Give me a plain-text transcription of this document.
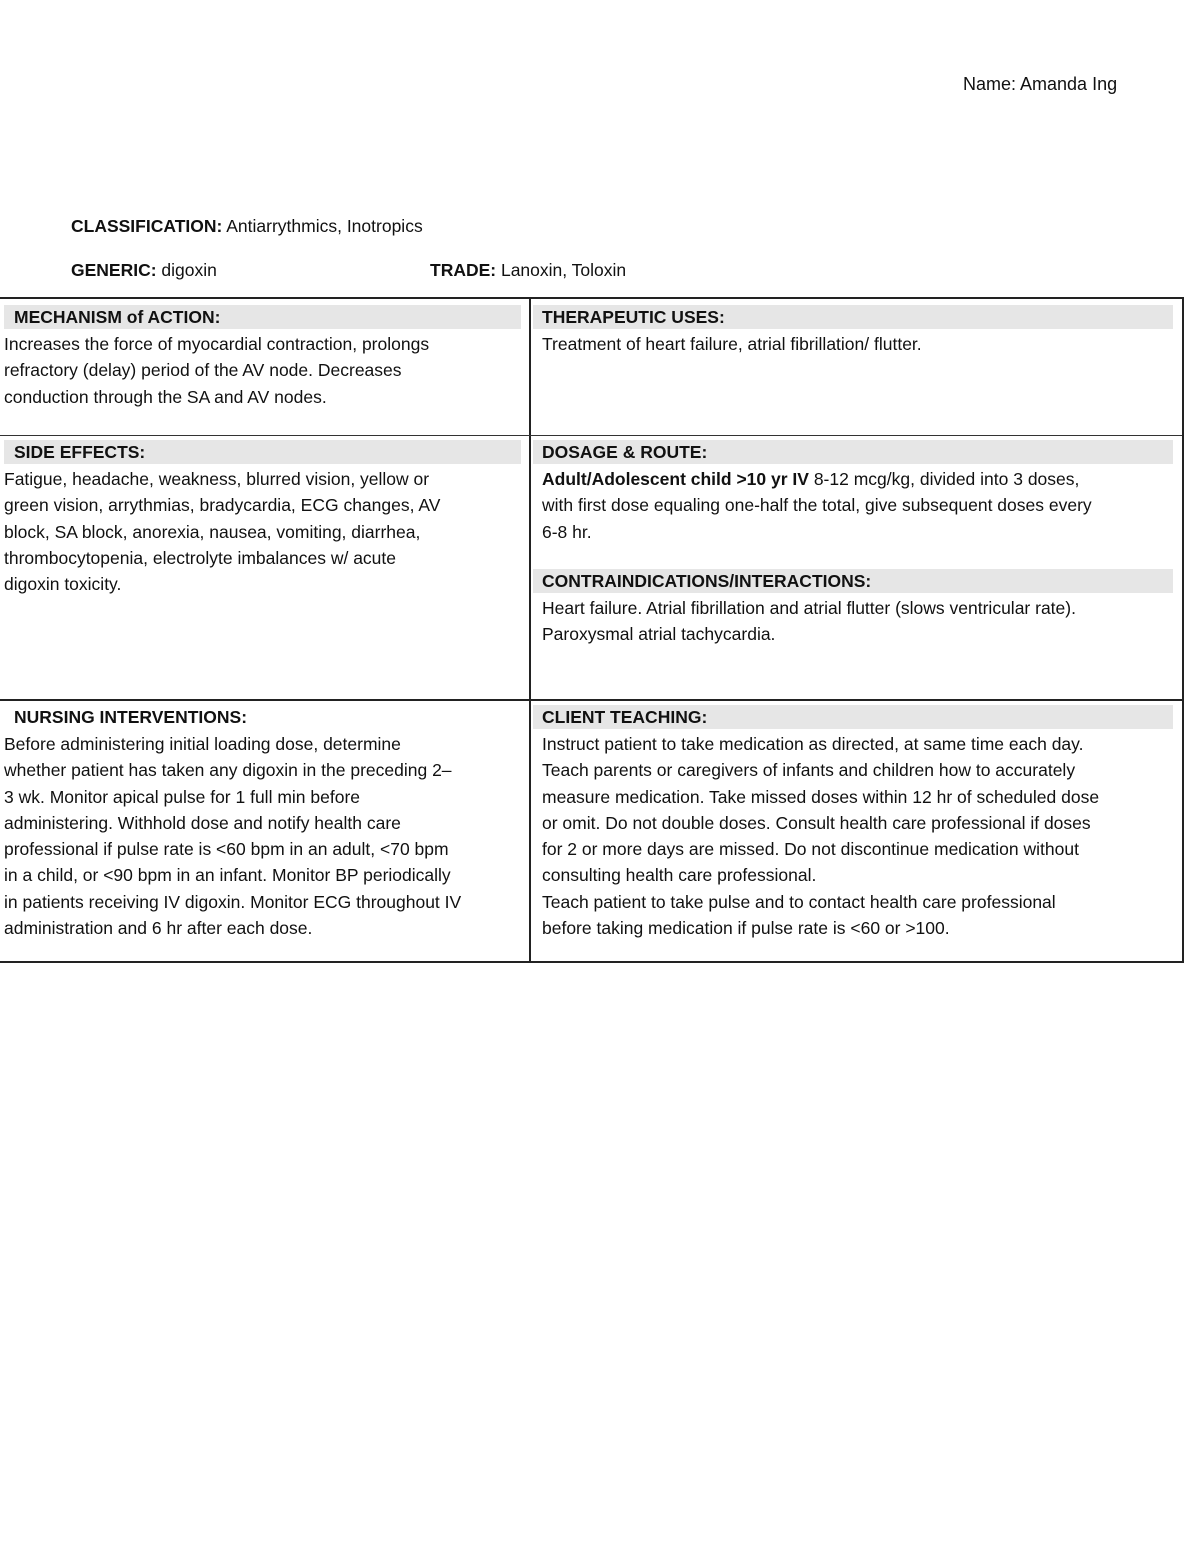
Name: Amanda Ing
CLASSIFICATION: Antiarrythmics, Inotropics
GENERIC: digoxin	TRADE: Lanoxin, Toloxin
MECHANISM of ACTION:
Increases the force of myocardial contraction, prolongs
refractory (delay) period of the AV node. Decreases
conduction through the SA and AV nodes.
THERAPEUTIC USES:
Treatment of heart failure, atrial fibrillation/ flutter.
SIDE EFFECTS:
Fatigue, headache, weakness, blurred vision, yellow or
green vision, arrythmias, bradycardia, ECG changes, AV
block, SA block, anorexia, nausea, vomiting, diarrhea,
thrombocytopenia, electrolyte imbalances w/ acute
digoxin toxicity.
DOSAGE & ROUTE:
Adult/Adolescent child >10 yr IV 8-12 mcg/kg, divided into 3 doses,
with first dose equaling one-half the total, give subsequent doses every
6-8 hr.
CONTRAINDICATIONS/INTERACTIONS:
Heart failure. Atrial fibrillation and atrial flutter (slows ventricular rate).
Paroxysmal atrial tachycardia.
NURSING INTERVENTIONS:
Before administering initial loading dose, determine
whether patient has taken any digoxin in the preceding 2–
3 wk. Monitor apical pulse for 1 full min before
administering. Withhold dose and notify health care
professional if pulse rate is <60 bpm in an adult, <70 bpm
in a child, or <90 bpm in an infant. Monitor BP periodically
in patients receiving IV digoxin. Monitor ECG throughout IV
administration and 6 hr after each dose.
CLIENT TEACHING:
Instruct patient to take medication as directed, at same time each day.
Teach parents or caregivers of infants and children how to accurately
measure medication. Take missed doses within 12 hr of scheduled dose
or omit. Do not double doses. Consult health care professional if doses
for 2 or more days are missed. Do not discontinue medication without
consulting health care professional.
Teach patient to take pulse and to contact health care professional
before taking medication if pulse rate is <60 or >100.
